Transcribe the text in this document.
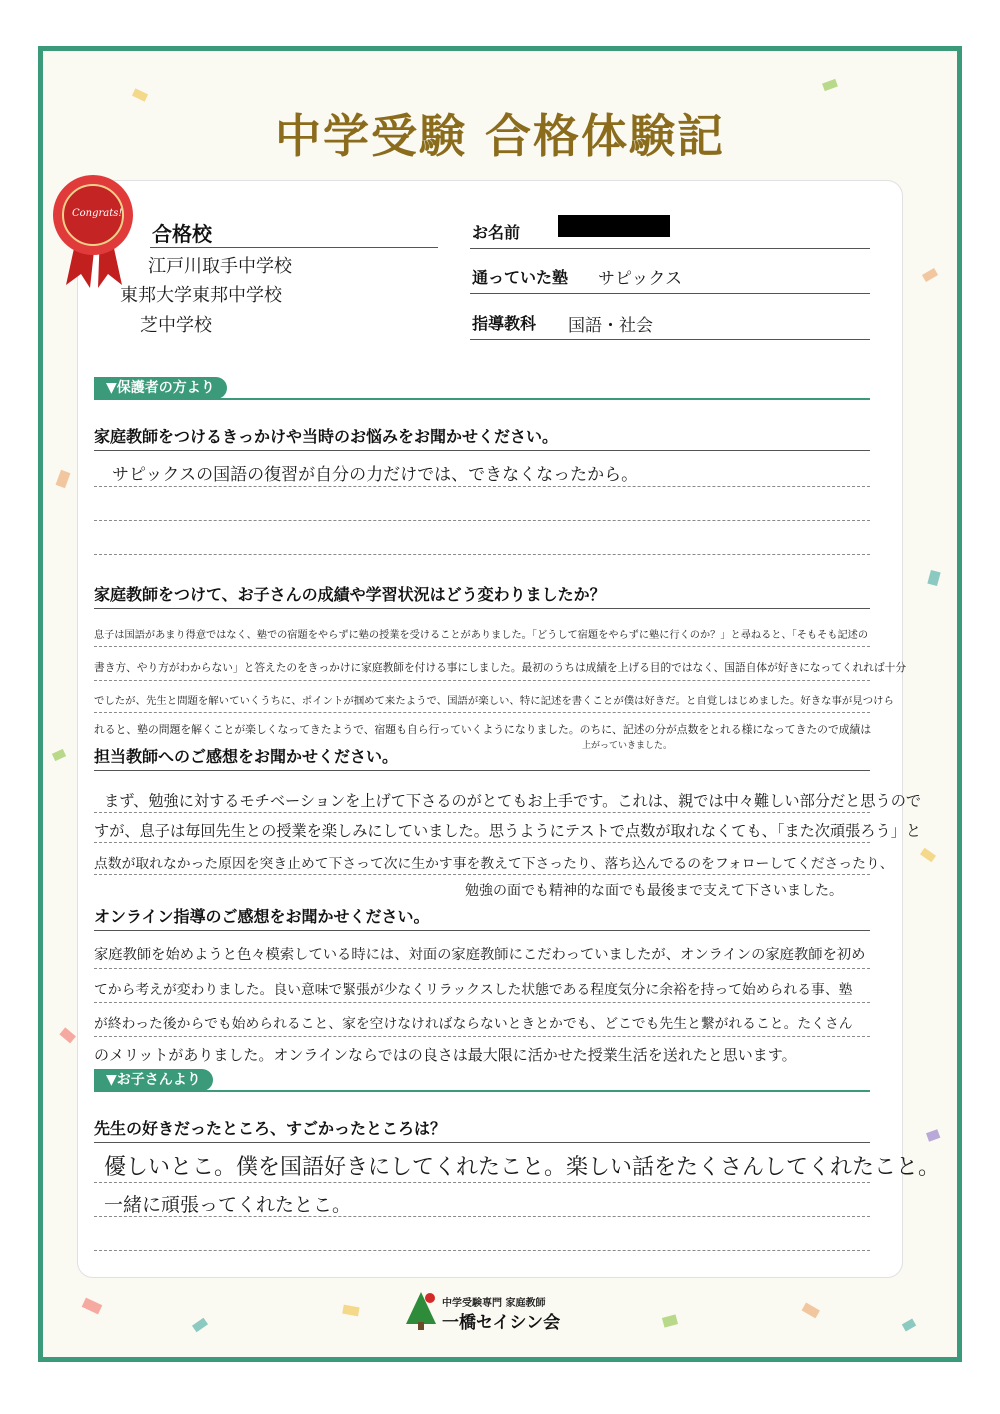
中学受験 合格体験記
Congrats!
合格校
江戸川取手中学校
東邦大学東邦中学校
芝中学校
お名前
通っていた塾 サピックス
指導教科 国語・社会
▼保護者の方より
家庭教師をつけるきっかけや当時のお悩みをお聞かせください。
サピックスの国語の復習が自分の力だけでは、できなくなったから。
家庭教師をつけて、お子さんの成績や学習状況はどう変わりましたか？
息子は国語があまり得意ではなく、塾での宿題をやらずに塾の授業を受けることがありました。「どうして宿題をやらずに塾に行くのか？」と尋ねると、「そもそも記述の
書き方、やり方がわからない」と答えたのをきっかけに家庭教師を付ける事にしました。最初のうちは成績を上げる目的ではなく、国語自体が好きになってくれれば十分
でしたが、先生と問題を解いていくうちに、ポイントが掴めて来たようで、国語が楽しい、特に記述を書くことが僕は好きだ。と自覚しはじめました。好きな事が見つけら
れると、塾の問題を解くことが楽しくなってきたようで、宿題も自ら行っていくようになりました。のちに、記述の分が点数をとれる様になってきたので成績は
上がっていきました。
担当教師へのご感想をお聞かせください。
まず、勉強に対するモチベーションを上げて下さるのがとてもお上手です。これは、親では中々難しい部分だと思うので
すが、息子は毎回先生との授業を楽しみにしていました。思うようにテストで点数が取れなくても、「また次頑張ろう」と
点数が取れなかった原因を突き止めて下さって次に生かす事を教えて下さったり、落ち込んでるのをフォローしてくださったり、
勉強の面でも精神的な面でも最後まで支えて下さいました。
オンライン指導のご感想をお聞かせください。
家庭教師を始めようと色々模索している時には、対面の家庭教師にこだわっていましたが、オンラインの家庭教師を初め
てから考えが変わりました。良い意味で緊張が少なくリラックスした状態である程度気分に余裕を持って始められる事、塾
が終わった後からでも始められること、家を空けなければならないときとかでも、どこでも先生と繋がれること。たくさん
のメリットがありました。オンラインならではの良さは最大限に活かせた授業生活を送れたと思います。
▼お子さんより
先生の好きだったところ、すごかったところは？
優しいとこ。僕を国語好きにしてくれたこと。楽しい話をたくさんしてくれたこと。
一緒に頑張ってくれたとこ。
中学受験専門 家庭教師
一橋セイシン会
